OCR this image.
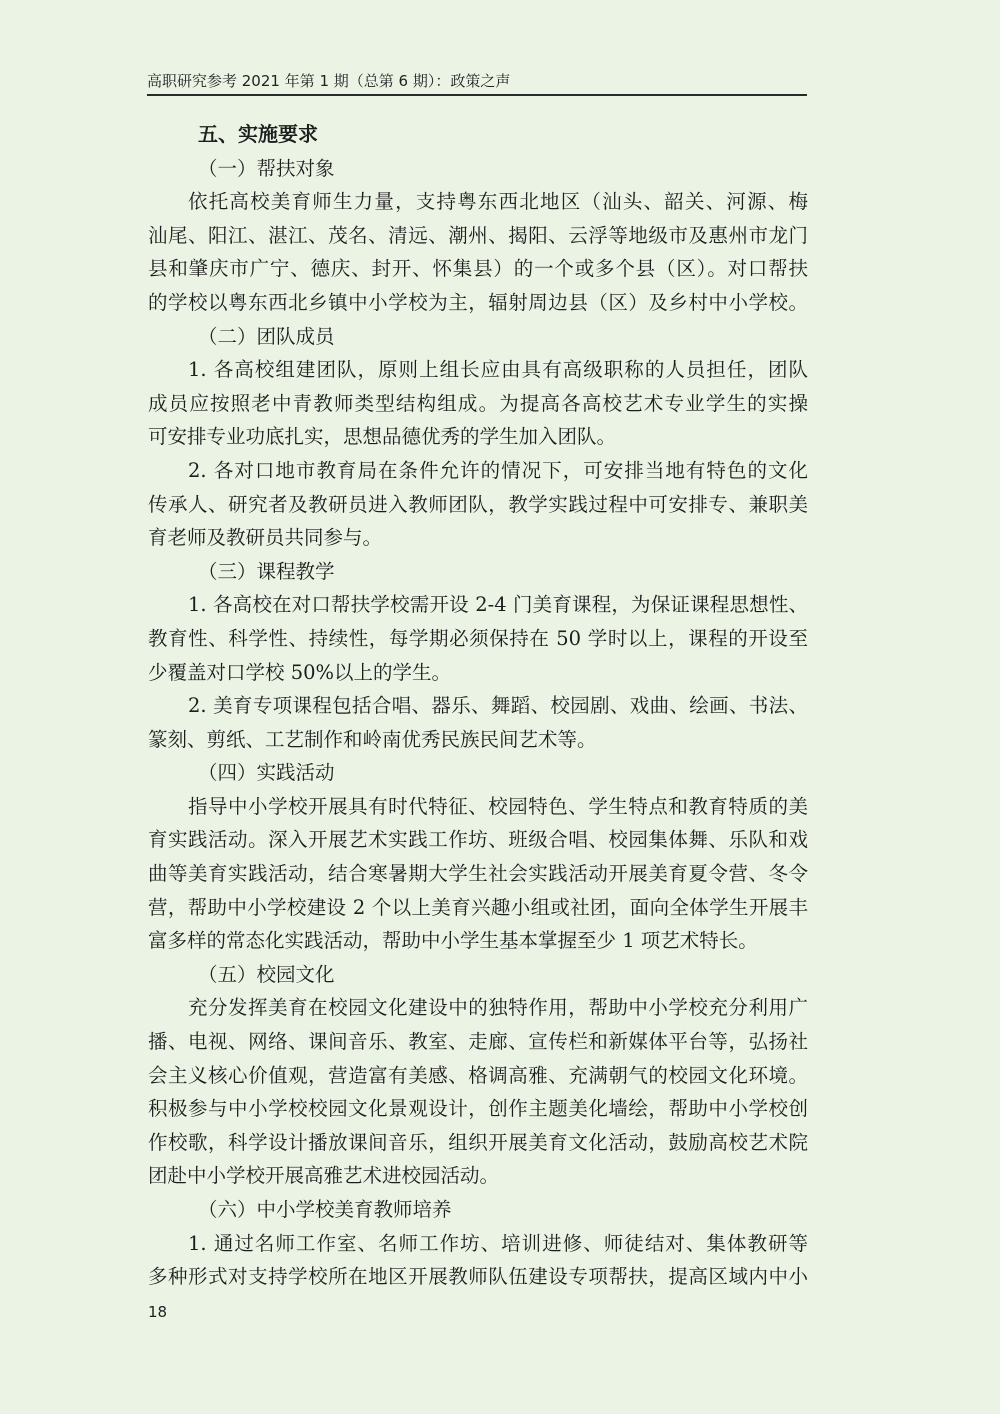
高职研究参考 2021 年第 1 期（总第 6 期）：政策之声
五、实施要求
（一）帮扶对象
依托高校美育师生力量，支持粤东西北地区（汕头、韶关、河源、梅
汕尾、阳江、湛江、茂名、清远、潮州、揭阳、云浮等地级市及惠州市龙门
县和肇庆市广宁、德庆、封开、怀集县）的一个或多个县（区）。对口帮扶
的学校以粤东西北乡镇中小学校为主，辐射周边县（区）及乡村中小学校。
（二）团队成员
1. 各高校组建团队，原则上组长应由具有高级职称的人员担任，团队
成员应按照老中青教师类型结构组成。为提高各高校艺术专业学生的实操
可安排专业功底扎实，思想品德优秀的学生加入团队。
2. 各对口地市教育局在条件允许的情况下，可安排当地有特色的文化
传承人、研究者及教研员进入教师团队，教学实践过程中可安排专、兼职美
育老师及教研员共同参与。
（三）课程教学
1. 各高校在对口帮扶学校需开设 2-4 门美育课程，为保证课程思想性、
教育性、科学性、持续性，每学期必须保持在 50 学时以上，课程的开设至
少覆盖对口学校 50%以上的学生。
2. 美育专项课程包括合唱、器乐、舞蹈、校园剧、戏曲、绘画、书法、
篆刻、剪纸、工艺制作和岭南优秀民族民间艺术等。
（四）实践活动
指导中小学校开展具有时代特征、校园特色、学生特点和教育特质的美
育实践活动。深入开展艺术实践工作坊、班级合唱、校园集体舞、乐队和戏
曲等美育实践活动，结合寒暑期大学生社会实践活动开展美育夏令营、冬令
营，帮助中小学校建设 2 个以上美育兴趣小组或社团，面向全体学生开展丰
富多样的常态化实践活动，帮助中小学生基本掌握至少 1 项艺术特长。
（五）校园文化
充分发挥美育在校园文化建设中的独特作用，帮助中小学校充分利用广
播、电视、网络、课间音乐、教室、走廊、宣传栏和新媒体平台等，弘扬社
会主义核心价值观，营造富有美感、格调高雅、充满朝气的校园文化环境。
积极参与中小学校校园文化景观设计，创作主题美化墙绘，帮助中小学校创
作校歌，科学设计播放课间音乐，组织开展美育文化活动，鼓励高校艺术院
团赴中小学校开展高雅艺术进校园活动。
（六）中小学校美育教师培养
1. 通过名师工作室、名师工作坊、培训进修、师徒结对、集体教研等
多种形式对支持学校所在地区开展教师队伍建设专项帮扶，提高区域内中小
18
